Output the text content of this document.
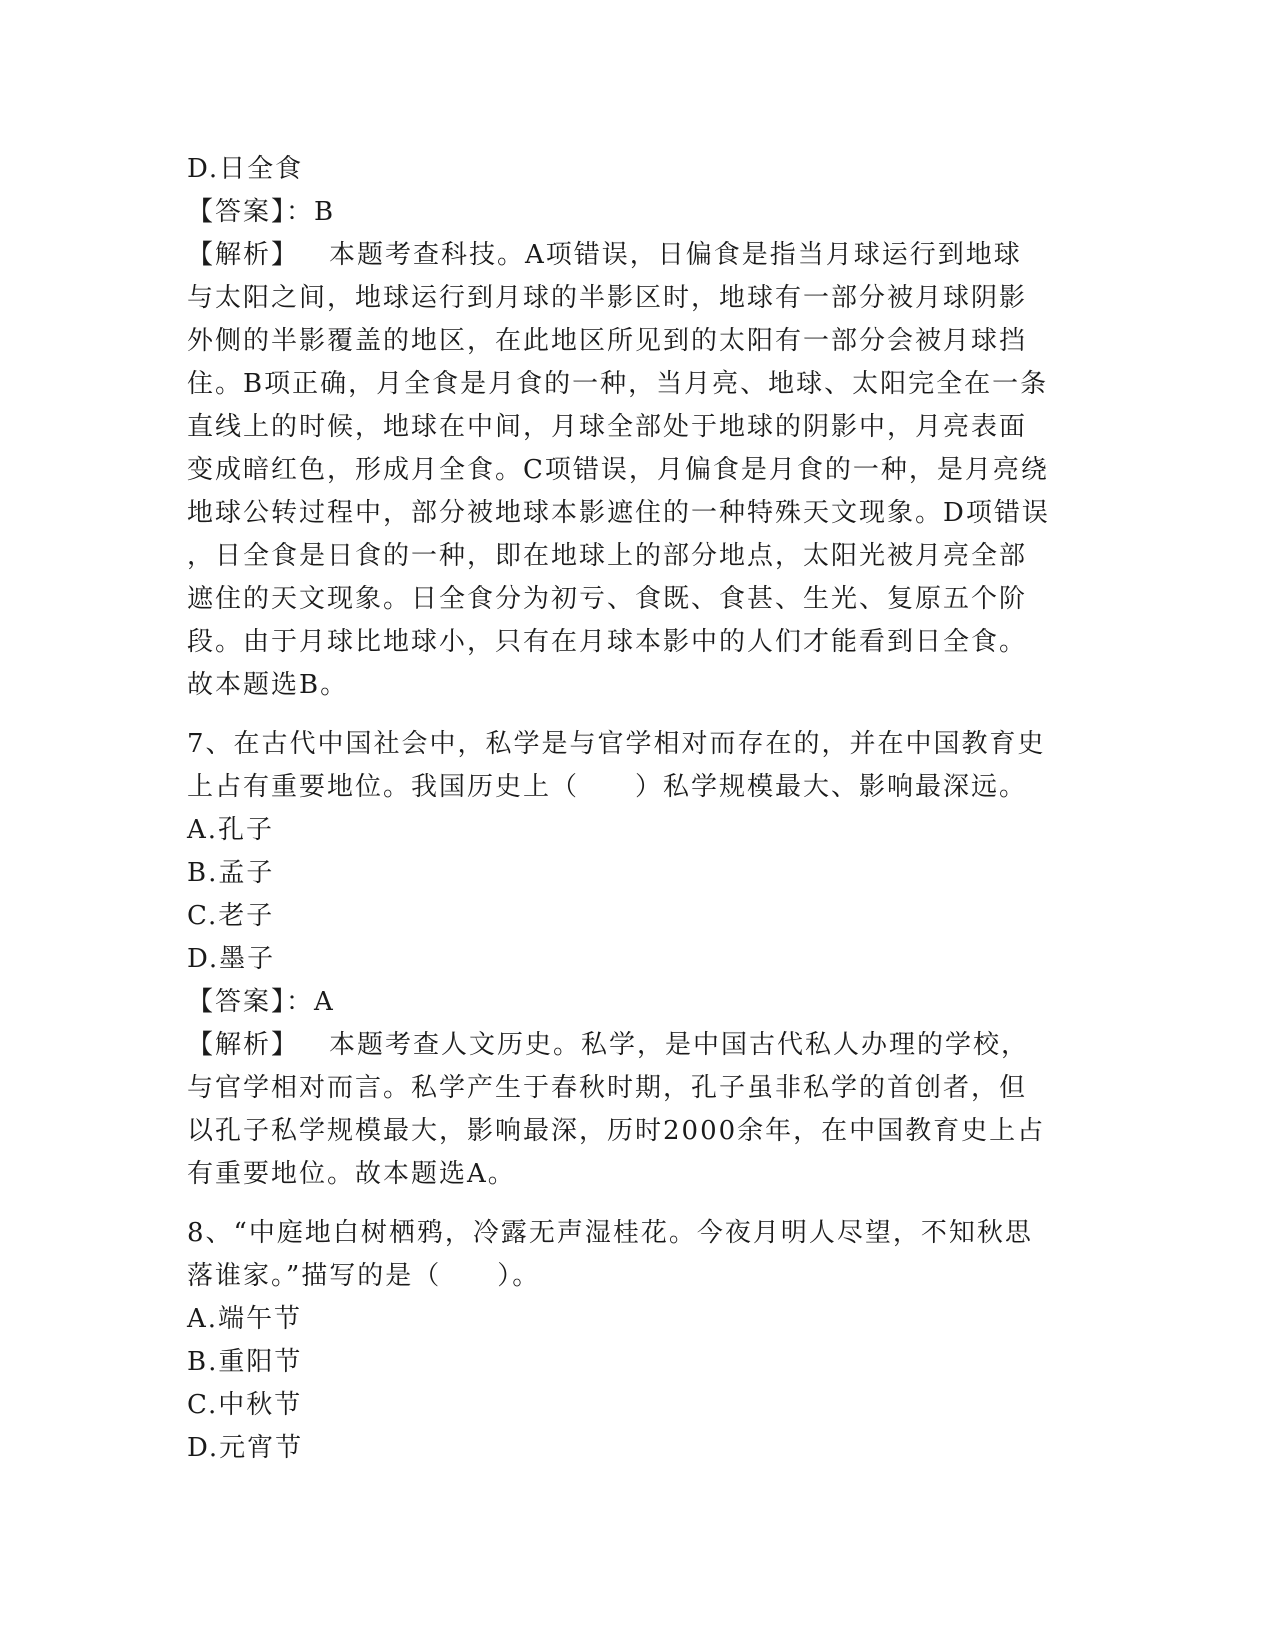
D.日全食
【答案】：B
【解析】 本题考查科技。A项错误，日偏食是指当月球运行到地球
与太阳之间，地球运行到月球的半影区时，地球有一部分被月球阴影
外侧的半影覆盖的地区，在此地区所见到的太阳有一部分会被月球挡
住。B项正确，月全食是月食的一种，当月亮、地球、太阳完全在一条
直线上的时候，地球在中间，月球全部处于地球的阴影中，月亮表面
变成暗红色，形成月全食。C项错误，月偏食是月食的一种，是月亮绕
地球公转过程中，部分被地球本影遮住的一种特殊天文现象。D项错误
，日全食是日食的一种，即在地球上的部分地点，太阳光被月亮全部
遮住的天文现象。日全食分为初亏、食既、食甚、生光、复原五个阶
段。由于月球比地球小，只有在月球本影中的人们才能看到日全食。
故本题选B。
7、在古代中国社会中，私学是与官学相对而存在的，并在中国教育史
上占有重要地位。我国历史上（　　）私学规模最大、影响最深远。
A.孔子
B.孟子
C.老子
D.墨子
【答案】：A
【解析】 本题考查人文历史。私学，是中国古代私人办理的学校，
与官学相对而言。私学产生于春秋时期，孔子虽非私学的首创者，但
以孔子私学规模最大，影响最深，历时2000余年，在中国教育史上占
有重要地位。故本题选A。
8、“中庭地白树栖鸦，冷露无声湿桂花。今夜月明人尽望，不知秋思
落谁家。”描写的是（　　）。
A.端午节
B.重阳节
C.中秋节
D.元宵节
